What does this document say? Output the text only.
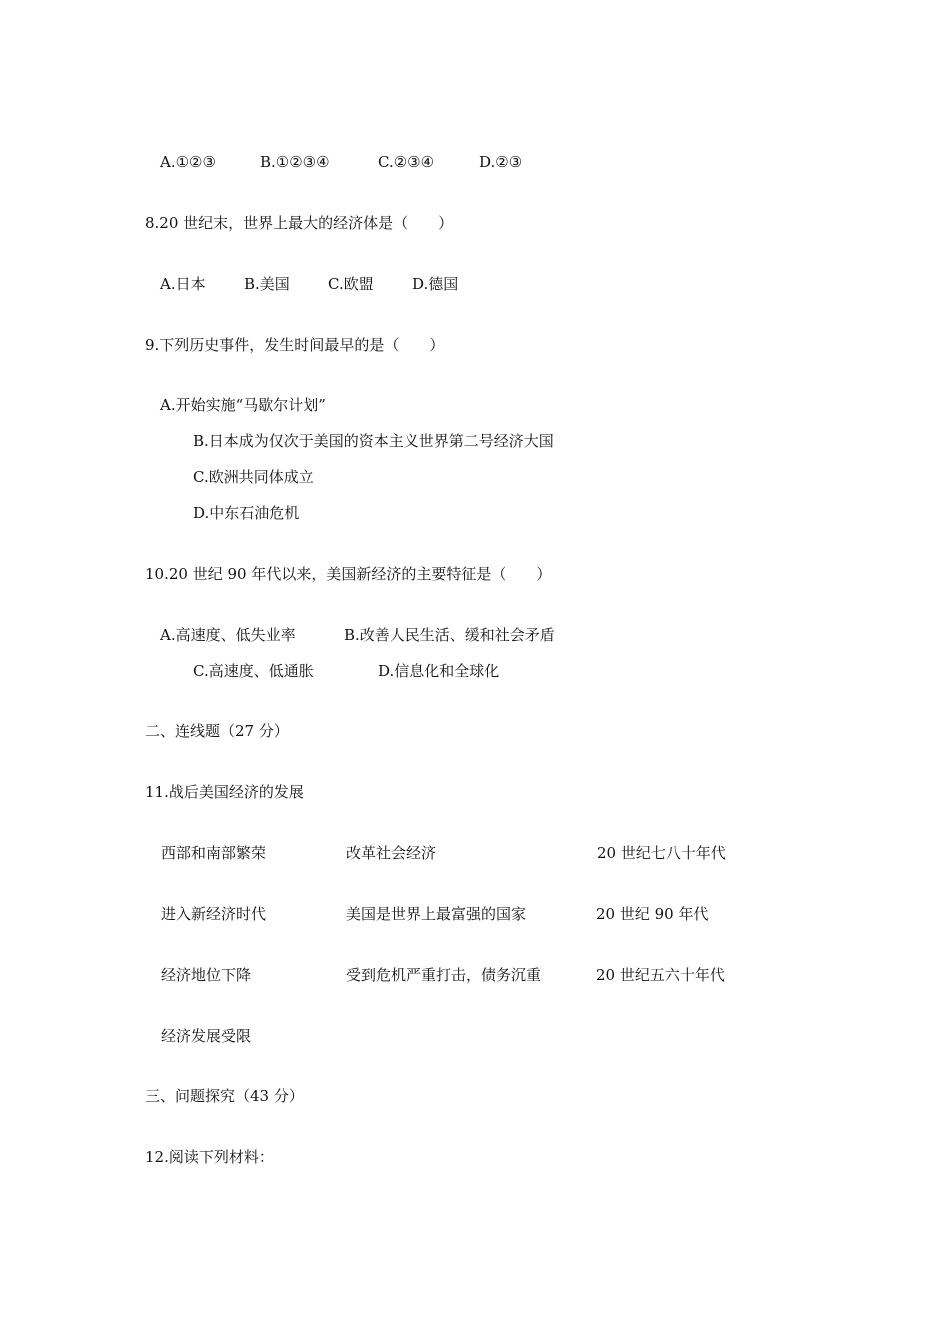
A.①②③	B.①②③④	C.②③④	D.②③
8.20 世纪末，世界上最大的经济体是（　　）
A.日本	B.美国	C.欧盟	D.德国
9.下列历史事件，发生时间最早的是（　　）
A.开始实施“马歇尔计划”
B.日本成为仅次于美国的资本主义世界第二号经济大国
C.欧洲共同体成立
D.中东石油危机
10.20 世纪 90 年代以来，美国新经济的主要特征是（　　）
A.高速度、低失业率	B.改善人民生活、缓和社会矛盾
C.高速度、低通胀	D.信息化和全球化
二、连线题（27 分）
11.战后美国经济的发展
西部和南部繁荣	改革社会经济	20 世纪七八十年代
进入新经济时代	美国是世界上最富强的国家	20 世纪 90 年代
经济地位下降	受到危机严重打击，债务沉重	20 世纪五六十年代
经济发展受限
三、问题探究（43 分）
12.阅读下列材料：
